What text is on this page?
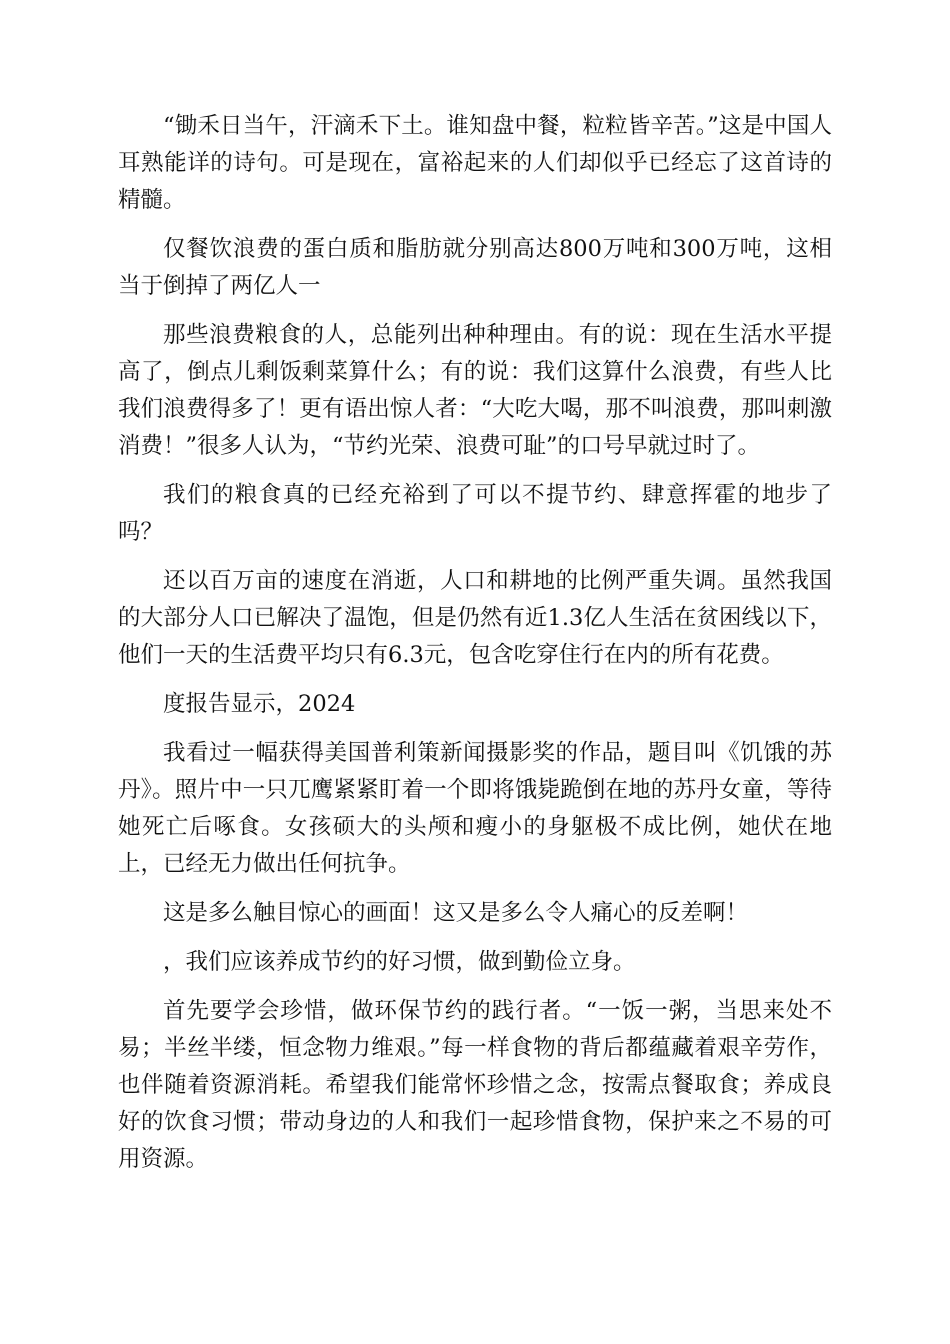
“锄禾日当午，汗滴禾下土。谁知盘中餐，粒粒皆辛苦。”这是中国人耳熟能详的诗句。可是现在，富裕起来的人们却似乎已经忘了这首诗的精髓。

仅餐饮浪费的蛋白质和脂肪就分别高达800万吨和300万吨，这相当于倒掉了两亿人一

那些浪费粮食的人，总能列出种种理由。有的说：现在生活水平提高了，倒点儿剩饭剩菜算什么；有的说：我们这算什么浪费，有些人比我们浪费得多了！更有语出惊人者：“大吃大喝，那不叫浪费，那叫刺激消费！”很多人认为，“节约光荣、浪费可耻”的口号早就过时了。

我们的粮食真的已经充裕到了可以不提节约、肆意挥霍的地步了吗？

还以百万亩的速度在消逝，人口和耕地的比例严重失调。虽然我国的大部分人口已解决了温饱，但是仍然有近1.3亿人生活在贫困线以下，他们一天的生活费平均只有6.3元，包含吃穿住行在内的所有花费。

度报告显示，2024

我看过一幅获得美国普利策新闻摄影奖的作品，题目叫《饥饿的苏丹》。照片中一只兀鹰紧紧盯着一个即将饿毙跪倒在地的苏丹女童，等待她死亡后啄食。女孩硕大的头颅和瘦小的身躯极不成比例，她伏在地上，已经无力做出任何抗争。

这是多么触目惊心的画面！这又是多么令人痛心的反差啊！

，我们应该养成节约的好习惯，做到勤俭立身。

首先要学会珍惜，做环保节约的践行者。“一饭一粥，当思来处不易；半丝半缕，恒念物力维艰。”每一样食物的背后都蕴藏着艰辛劳作，也伴随着资源消耗。希望我们能常怀珍惜之念，按需点餐取食；养成良好的饮食习惯；带动身边的人和我们一起珍惜食物，保护来之不易的可用资源。
